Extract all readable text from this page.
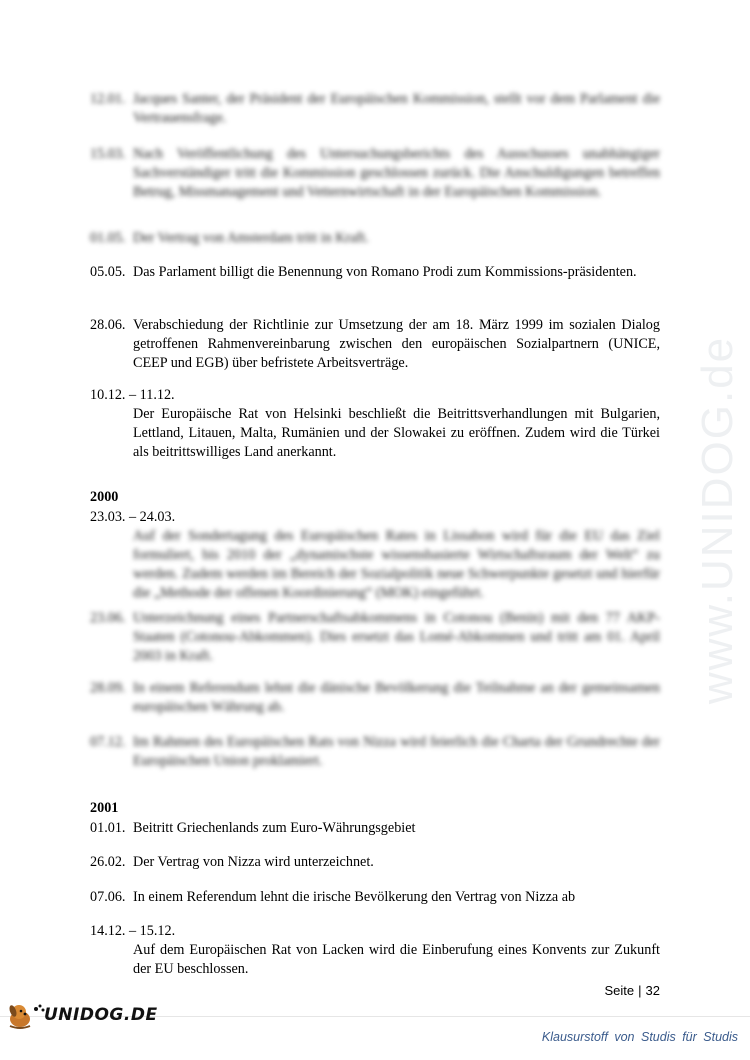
www.UNIDOG.de
12.01. Jacques Santer, der Präsident der Europäischen Kommission, stellt vor dem Parlament die Vertrauensfrage.
15.03. Nach Veröffentlichung des Untersuchungsberichts des Ausschusses unabhängiger Sachverständiger tritt die Kommission geschlossen zurück. Die Anschuldigungen betreffen Betrug, Missmanagement und Vetternwirtschaft in der Europäischen Kommission.
01.05. Der Vertrag von Amsterdam tritt in Kraft.
05.05. Das Parlament billigt die Benennung von Romano Prodi zum Kommissions-präsidenten.
28.06. Verabschiedung der Richtlinie zur Umsetzung der am 18. März 1999 im sozialen Dialog getroffenen Rahmenvereinbarung zwischen den europäischen Sozialpartnern (UNICE, CEEP und EGB) über befristete Arbeitsverträge.
10.12. – 11.12.
Der Europäische Rat von Helsinki beschließt die Beitrittsverhandlungen mit Bulgarien, Lettland, Litauen, Malta, Rumänien und der Slowakei zu eröffnen. Zudem wird die Türkei als beitrittswilliges Land anerkannt.
2000
23.03. – 24.03.
Auf der Sondertagung des Europäischen Rates in Lissabon wird für die EU das Ziel formuliert, bis 2010 der „dynamischste wissensbasierte Wirtschaftsraum der Welt“ zu werden. Zudem werden im Bereich der Sozialpolitik neue Schwerpunkte gesetzt und hierfür die „Methode der offenen Koordinierung“ (MOK) eingeführt.
23.06. Unterzeichnung eines Partnerschaftsabkommens in Cotonou (Benin) mit den 77 AKP-Staaten (Cotonou-Abkommen). Dies ersetzt das Lomé-Abkommen und tritt am 01. April 2003 in Kraft.
28.09. In einem Referendum lehnt die dänische Bevölkerung die Teilnahme an der gemeinsamen europäischen Währung ab.
07.12. Im Rahmen des Europäischen Rats von Nizza wird feierlich die Charta der Grundrechte der Europäischen Union proklamiert.
2001
01.01. Beitritt Griechenlands zum Euro-Währungsgebiet
26.02. Der Vertrag von Nizza wird unterzeichnet.
07.06. In einem Referendum lehnt die irische Bevölkerung den Vertrag von Nizza ab
14.12. – 15.12.
Auf dem Europäischen Rat von Lacken wird die Einberufung eines Konvents zur Zukunft der EU beschlossen.
Seite | 32
UNIDOG.DE
Klausurstoff von Studis für Studis
